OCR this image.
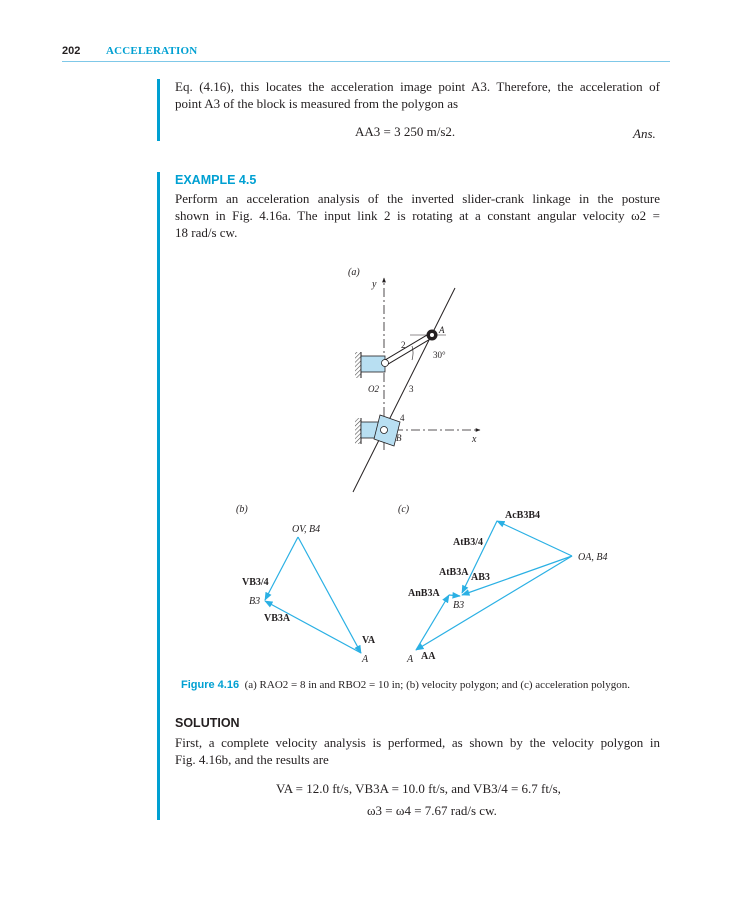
202 ACCELERATION
Eq. (4.16), this locates the acceleration image point A3. Therefore, the acceleration of
point A3 of the block is measured from the polygon as
AA3 = 3 250 m/s2.	Ans.
EXAMPLE 4.5
Perform an acceleration analysis of the inverted slider-crank linkage in the posture
shown in Fig. 4.16a. The input link 2 is rotating at a constant angular velocity ω2 =
18 rad/s cw.
(a)
y
x
2
A
30°
O2	3
4
B
(b)
OV, B4
VB3/4
B3
VB3A
VA
A
(c)
AcB3B4
AtB3/4
AtB3A AB3
AnB3A
B3
OA, B4
A AA
Figure 4.16 (a) RAO2 = 8 in and RBO2 = 10 in; (b) velocity polygon; and (c) acceleration polygon.
SOLUTION
First, a complete velocity analysis is performed, as shown by the velocity polygon in
Fig. 4.16b, and the results are
VA = 12.0 ft/s, VB3A = 10.0 ft/s, and VB3/4 = 6.7 ft/s,
ω3 = ω4 = 7.67 rad/s cw.
